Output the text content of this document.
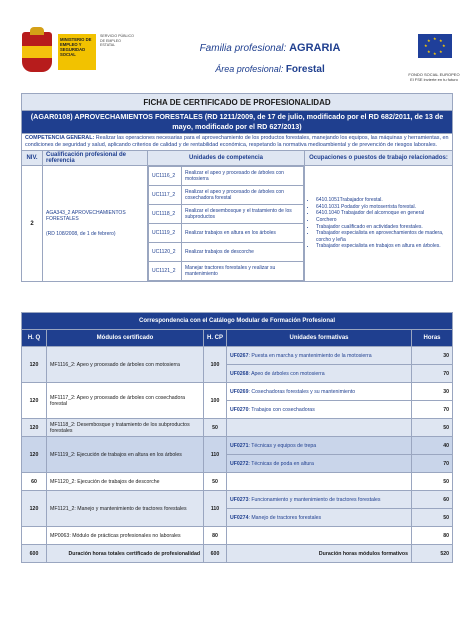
MINISTERIO DE EMPLEO Y SEGURIDAD SOCIAL
SERVICIO PÚBLICO DE EMPLEO ESTATAL	Familia profesional: AGRARIA
Área profesional: Forestal
★ ★
★
★
★
★
★
★
FONDO SOCIAL EUROPEO
El FSE invierte en tu futuro
FICHA DE CERTIFICADO DE PROFESIONALIDAD
(AGAR0108) APROVECHAMIENTOS FORESTALES (RD 1211/2009, de 17 de julio, modificado por el RD 682/2011, de 13 de mayo, modificado por el RD 627/2013)
COMPETENCIA GENERAL: Realizar las operaciones necesarias para el aprovechamiento de los productos forestales, manejando los equipos, las máquinas y herramientas, en condiciones de seguridad y salud, aplicando criterios de calidad y de rentabilidad económica, respetando la normativa medioambiental y de prevención de riesgos laborales.
NIV.	Cualificación profesional de referencia	Unidades de competencia	Ocupaciones o puestos de trabajo relacionados:
2	
AGA343_2 APROVECHAMIENTOS FORESTALES
(RD 108/2008, de 1 de febrero)

UC1116_2	Realizar el apeo y procesado de árboles con motosierra
UC1117_2	Realizar el apeo y procesado de árboles con cosechadora forestal
UC1118_2	Realizar el desembosque y el tratamiento de los subproductos
UC1119_2	Realizar trabajos en altura en los árboles
UC1120_2	Realizar trabajos de descorche
UC1121_2	Manejar tractores forestales y realizar su mantenimiento

• 6410.1051Trabajador forestal.
• 6410.1031 Podador y/o motoserrista forestal.
• 6410.1040 Trabajador del alcornoque en general
• Corchero
• Trabajador cualificado en actividades forestales.
• Trabajador especialista en aprovechamientos de madera, corcho y leña
• Trabajador especialista en trabajos en altura en árboles.
Correspondencia con el Catálogo Modular de Formación Profesional				
H. Q	Módulos certificado	H. CP	Unidades formativas	Horas
120	MF1116_2: Apeo y procesado de árboles con motosierra	100	UF0267: Puesta en marcha y mantenimiento de la motosierra	30
			UF0268: Apeo de árboles con motosierra	70
120	MF1117_2: Apeo y procesado de árboles con cosechadora forestal	100	UF0269: Cosechadoras forestales y su mantenimiento	30
			UF0270: Trabajos con cosechadoras	70
120	MF1118_2: Desembosque y tratamiento de los subproductos forestales	50		50
120	MF1119_2: Ejecución de trabajos en altura en los árboles	110	UF0271: Técnicas y equipos de trepa	40
			UF0272: Técnicas de poda en altura	70
60	MF1120_2: Ejecución de trabajos de descorche	50		50
120	MF1121_2: Manejo y mantenimiento de tractores forestales	110	UF0273: Funcionamiento y mantenimiento de tractores forestales	60
			UF0274: Manejo de tractores forestales	50
	MP0063: Módulo de prácticas profesionales no laborales	80		80
600	Duración horas totales certificado de profesionalidad	600	Duración horas módulos formativos	520
